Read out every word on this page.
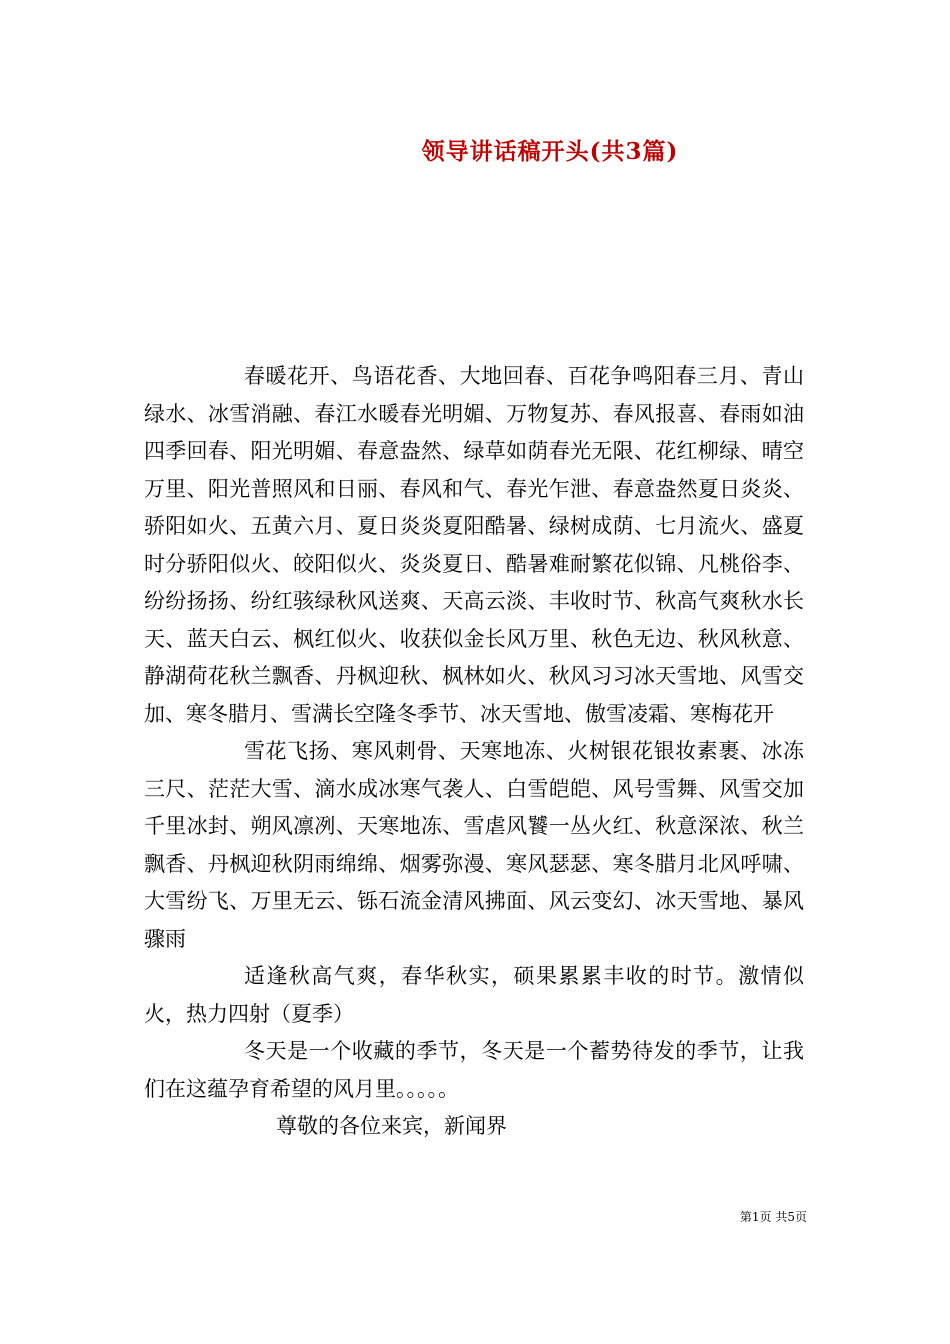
领导讲话稿开头(共3篇)

春暖花开、鸟语花香、大地回春、百花争鸣阳春三月、青山绿水、冰雪消融、春江水暖春光明媚、万物复苏、春风报喜、春雨如油四季回春、阳光明媚、春意盎然、绿草如荫春光无限、花红柳绿、晴空万里、阳光普照风和日丽、春风和气、春光乍泄、春意盎然夏日炎炎、骄阳如火、五黄六月、夏日炎炎夏阳酷暑、绿树成荫、七月流火、盛夏时分骄阳似火、皎阳似火、炎炎夏日、酷暑难耐繁花似锦、凡桃俗李、纷纷扬扬、纷红骇绿秋风送爽、天高云淡、丰收时节、秋高气爽秋水长天、蓝天白云、枫红似火、收获似金长风万里、秋色无边、秋风秋意、静湖荷花秋兰飘香、丹枫迎秋、枫林如火、秋风习习冰天雪地、风雪交加、寒冬腊月、雪满长空隆冬季节、冰天雪地、傲雪凌霜、寒梅花开

雪花飞扬、寒风刺骨、天寒地冻、火树银花银妆素裹、冰冻三尺、茫茫大雪、滴水成冰寒气袭人、白雪皑皑、风号雪舞、风雪交加千里冰封、朔风凛冽、天寒地冻、雪虐风饕一丛火红、秋意深浓、秋兰飘香、丹枫迎秋阴雨绵绵、烟雾弥漫、寒风瑟瑟、寒冬腊月北风呼啸、大雪纷飞、万里无云、铄石流金清风拂面、风云变幻、冰天雪地、暴风骤雨

适逢秋高气爽，春华秋实，硕果累累丰收的时节。激情似火，热力四射（夏季）

冬天是一个收藏的季节，冬天是一个蓄势待发的季节，让我们在这蕴孕育希望的风月里。。。。。

尊敬的各位来宾，新闻界

第1页 共5页
